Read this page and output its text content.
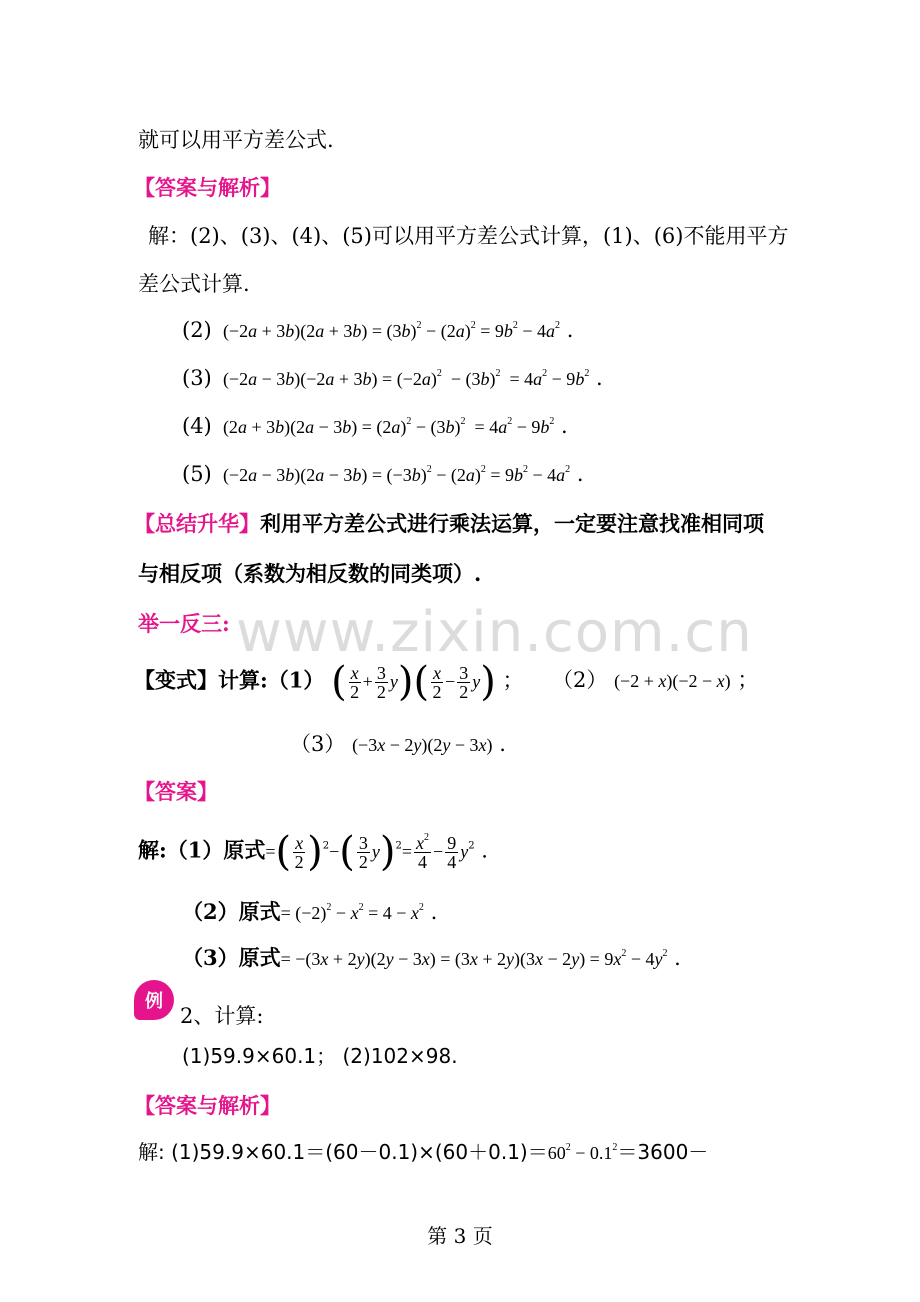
www.zixin.com.cn
就可以用平方差公式.
【答案与解析】
解：(2)、(3)、(4)、(5)可以用平方差公式计算，(1)、(6)不能用平方
差公式计算.
(2)  $(-2a + 3b)(2a + 3b) = (3b)^2 - (2a)^2 = 9b^2 - 4a^2$ .
(3)  $(-2a - 3b)(-2a + 3b) = (-2a)^2 - (3b)^2 = 4a^2 - 9b^2$ .
(4)  $(2a + 3b)(2a - 3b) = (2a)^2 - (3b)^2 = 4a^2 - 9b^2$ .
(5)  $(-2a - 3b)(2a - 3b) = (-3b)^2 - (2a)^2 = 9b^2 - 4a^2$ .
【总结升华】利用平方差公式进行乘法运算，一定要注意找准相同项
与相反项（系数为相反数的同类项）.
举一反三:
【变式】计算:（1） ( $\frac{x}{2} + \frac{3}{2} y)( \frac{x}{2} - \frac{3}{2} y)$ ； （2） (−2 + x)(−2 − x) ；
（3） (−3x − 2y)(2y − 3x) .
【答案】
解:（1）原式=( $\frac{x}{2} )^2-( \frac{3}{2} y)^2= \frac{x^2}{4} - \frac{9}{4} y^2$ .
（2）原式= $(-2)^2 - x^2 = 4 - x^2$ .
（3）原式= $-(3x + 2y)(2y - 3x) = (3x + 2y)(3x - 2y) = 9x^2 - 4y^2$ .
例
2、计算:
(1)59.9×60.1； (2)102×98.
【答案与解析】
解: $(1)59.9\times 60.1=(60-0.1)\times(60+0.1)=60^2 - 0.1^2=3600-$
第 3 页
